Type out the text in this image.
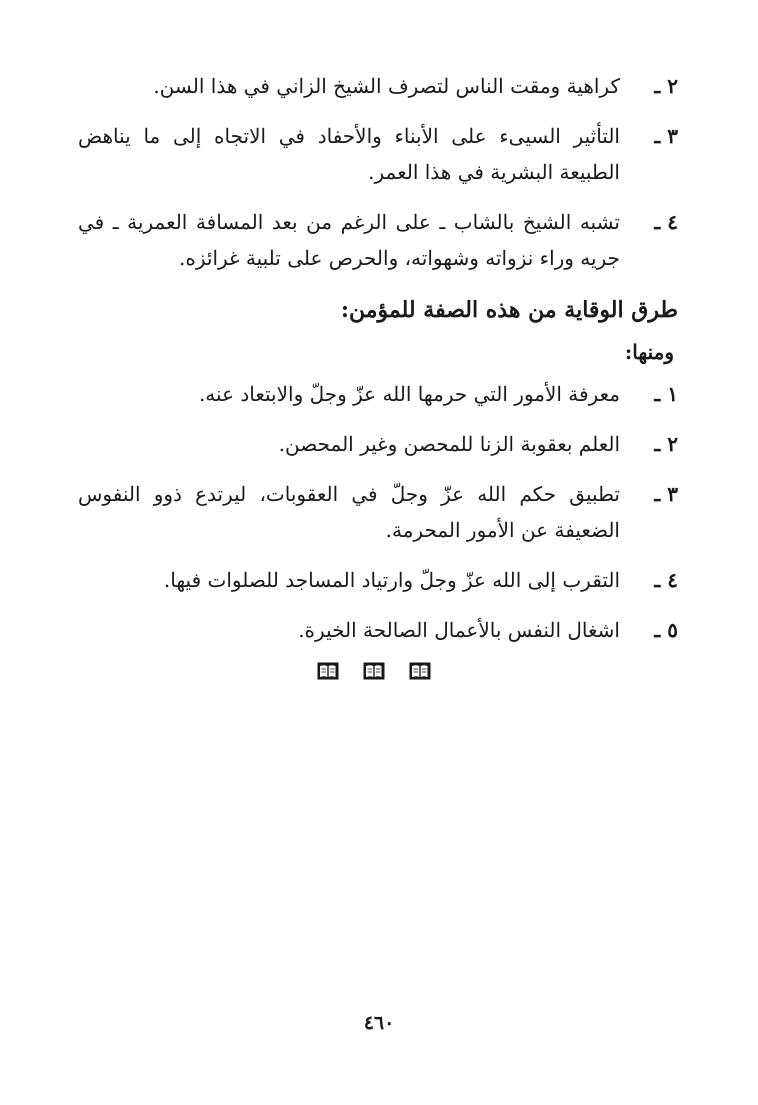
٢ ـ
كراهية ومقت الناس لتصرف الشيخ الزاني في هذا السن.
٣ ـ
التأثير السيىء على الأبناء والأحفاد في الاتجاه إلى ما يناهض الطبيعة البشرية في هذا العمر.
٤ ـ
تشبه الشيخ بالشاب ـ على الرغم من بعد المسافة العمرية ـ في جريه وراء نزواته وشهواته، والحرص على تلبية غرائزه.
طرق الوقاية من هذه الصفة للمؤمن:
ومنها:
١ ـ
معرفة الأمور التي حرمها الله عزّ وجلّ والابتعاد عنه.
٢ ـ
العلم بعقوبة الزنا للمحصن وغير المحصن.
٣ ـ
تطبيق حكم الله عزّ وجلّ في العقوبات، ليرتدع ذوو النفوس الضعيفة عن الأمور المحرمة.
٤ ـ
التقرب إلى الله عزّ وجلّ وارتياد المساجد للصلوات فيها.
٥ ـ
اشغال النفس بالأعمال الصالحة الخيرة.
٤٦٠
